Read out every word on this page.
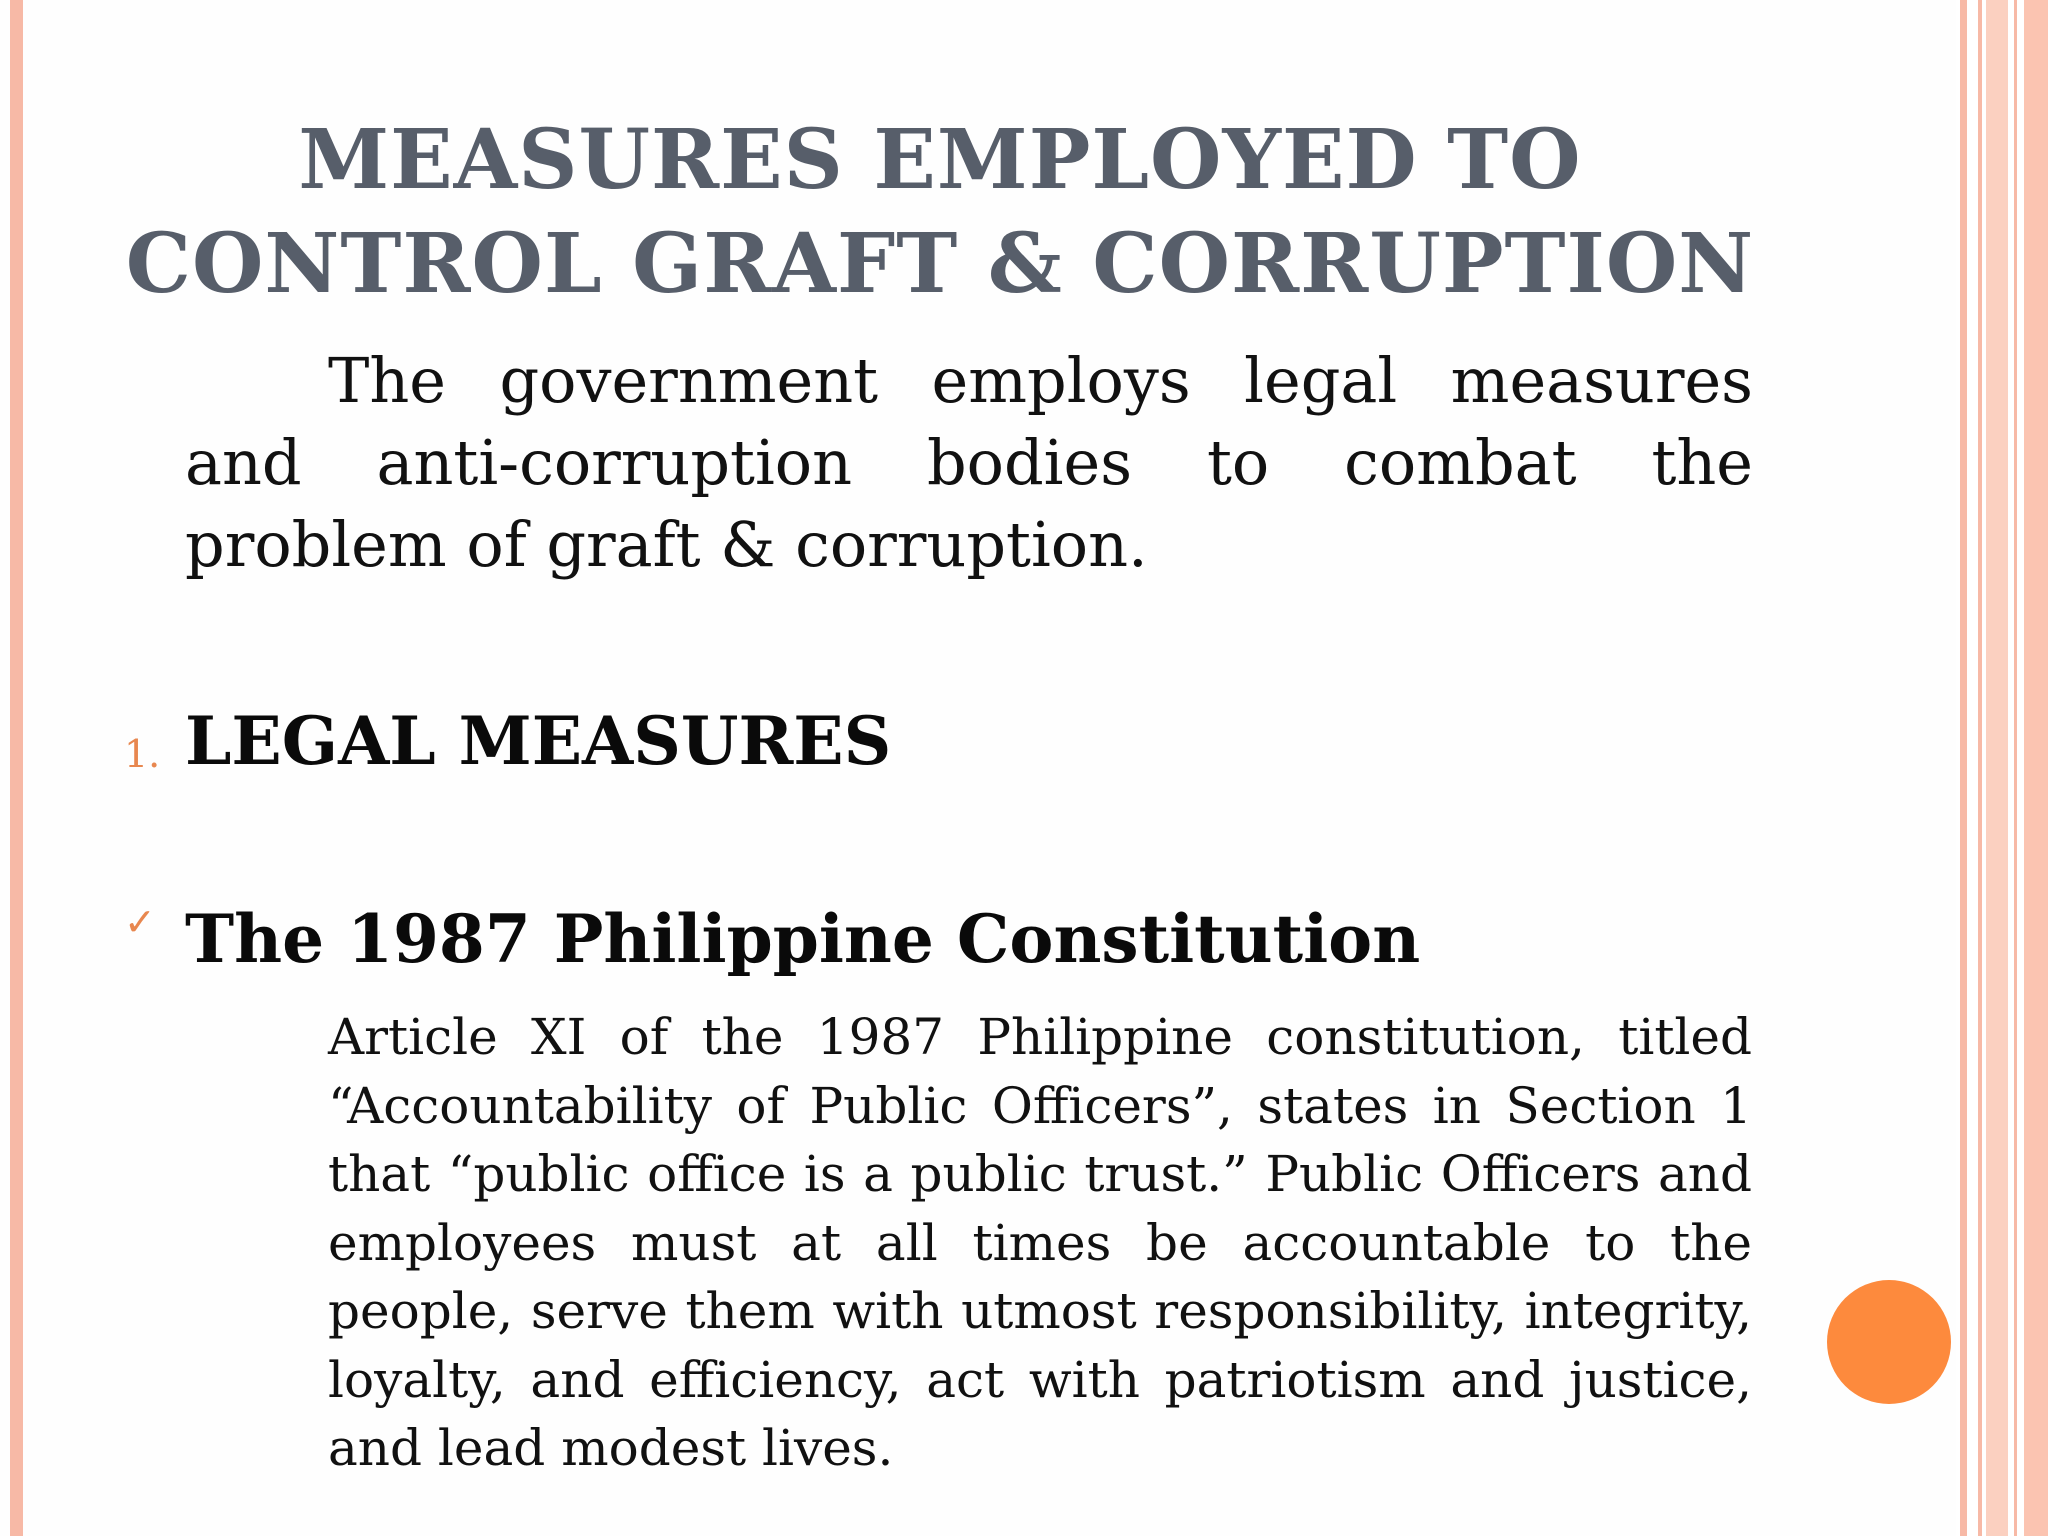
MEASURES EMPLOYED TO
CONTROL GRAFT & CORRUPTION
The government employs legal measures and anti-corruption bodies to combat the problem of graft & corruption.
1. LEGAL MEASURES
✓ The 1987 Philippine Constitution
Article XI of the 1987 Philippine constitution, titled “Accountability of Public Officers”, states in Section 1 that “public office is a public trust.” Public Officers and employees must at all times be accountable to the people, serve them with utmost responsibility, integrity, loyalty, and efficiency, act with patriotism and justice, and lead modest lives.
